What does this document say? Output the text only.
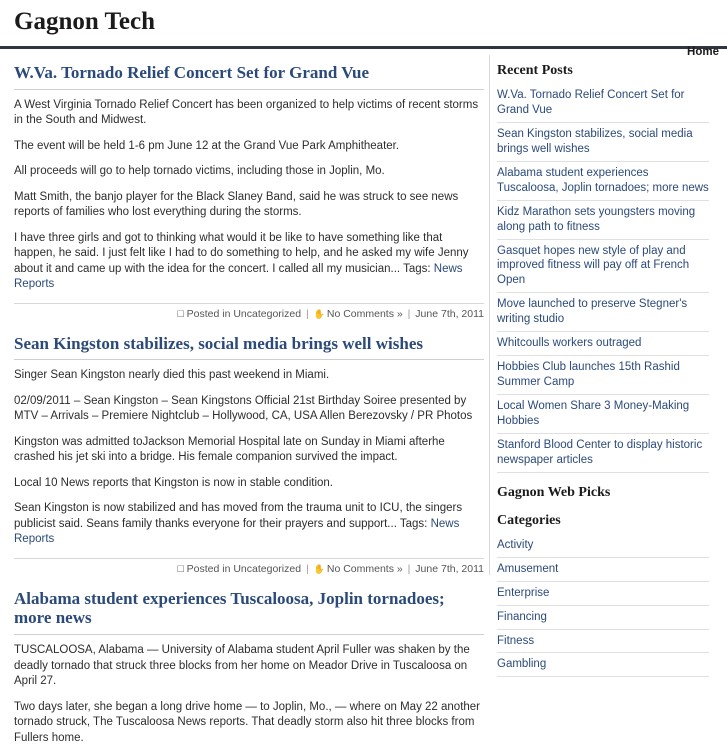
Gagnon Tech
Home
W.Va. Tornado Relief Concert Set for Grand Vue

A West Virginia Tornado Relief Concert has been organized to help victims of recent storms in the South and Midwest.

The event will be held 1-6 pm June 12 at the Grand Vue Park Amphitheater.

All proceeds will go to help tornado victims, including those in Joplin, Mo.

Matt Smith, the banjo player for the Black Slaney Band, said he was struck to see news reports of families who lost everything during the storms.

I have three girls and got to thinking what would it be like to have something like that happen, he said. I just felt like I had to do something to help, and he asked my wife Jenny about it and came up with the idea for the concert. I called all my musician... Tags: News Reports

☐ Posted in Uncategorized | ✋ No Comments » | June 7th, 2011
Sean Kingston stabilizes, social media brings well wishes

Singer Sean Kingston nearly died this past weekend in Miami.

02/09/2011 – Sean Kingston – Sean Kingstons Official 21st Birthday Soiree presented by MTV – Arrivals – Premiere Nightclub – Hollywood, CA, USA Allen Berezovsky / PR Photos

Kingston was admitted toJackson Memorial Hospital late on Sunday in Miami afterhe crashed his jet ski into a bridge. His female companion survived the impact.

Local 10 News reports that Kingston is now in stable condition.

Sean Kingston is now stabilized and has moved from the trauma unit to ICU, the singers publicist said. Seans family thanks everyone for their prayers and support... Tags: News Reports

☐ Posted in Uncategorized | ✋ No Comments » | June 7th, 2011
Alabama student experiences Tuscaloosa, Joplin tornadoes; more news

TUSCALOOSA, Alabama — University of Alabama student April Fuller was shaken by the deadly tornado that struck three blocks from her home on Meador Drive in Tuscaloosa on April 27.

Two days later, she began a long drive home — to Joplin, Mo., — where on May 22 another tornado struck, The Tuscaloosa News reports. That deadly storm also hit three blocks from Fullers home.

Recent Posts
W.Va. Tornado Relief Concert Set for Grand Vue
Sean Kingston stabilizes, social media brings well wishes
Alabama student experiences Tuscaloosa, Joplin tornadoes; more news
Kidz Marathon sets youngsters moving along path to fitness
Gasquet hopes new style of play and improved fitness will pay off at French Open
Move launched to preserve Stegner's writing studio
Whitcoulls workers outraged
Hobbies Club launches 15th Rashid Summer Camp
Local Women Share 3 Money-Making Hobbies
Stanford Blood Center to display historic newspaper articles
Gagnon Web Picks
Categories
Activity
Amusement
Enterprise
Financing
Fitness
Gambling
